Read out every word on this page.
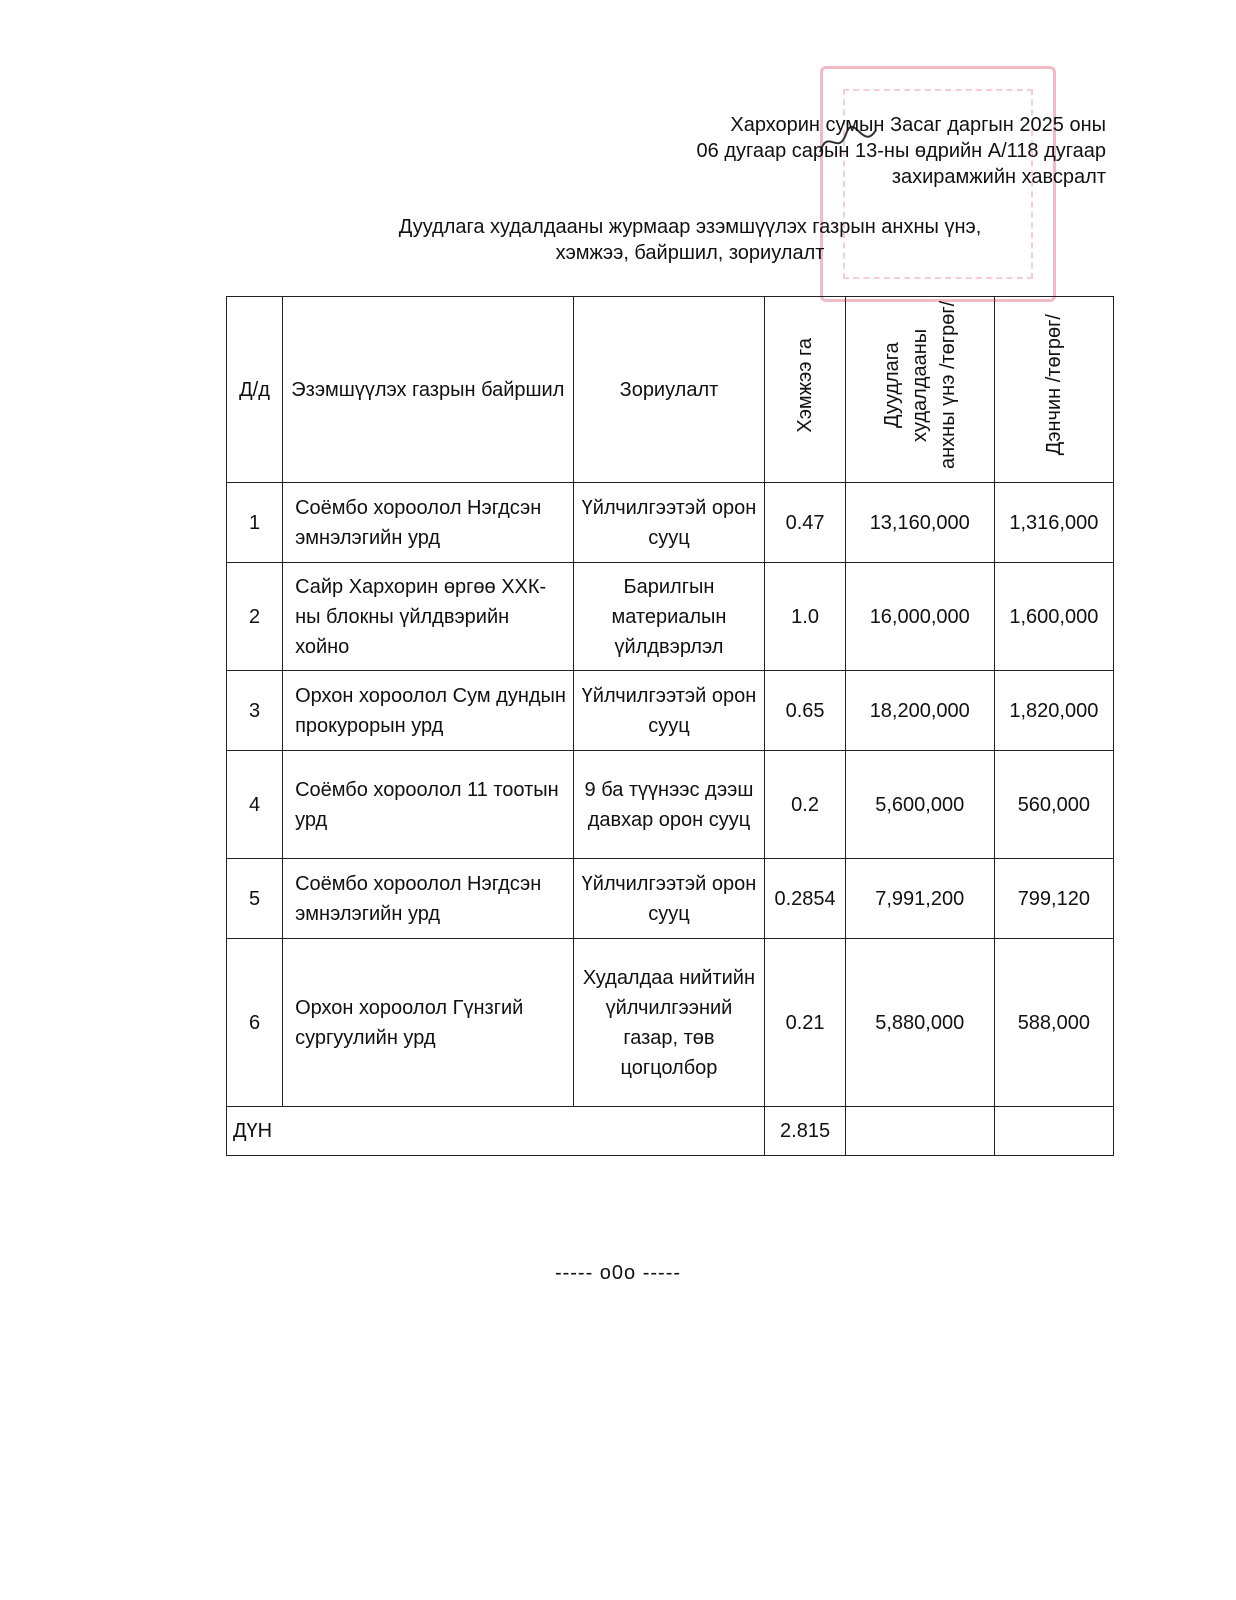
Хархорин сумын Засаг даргын 2025 оны
06 дугаар сарын 13-ны өдрийн А/118 дугаар
захирамжийн хавсралт
Дуудлага худалдааны журмаар эзэмшүүлэх газрын анхны үнэ,
хэмжээ, байршил, зориулалт
Д/д	Эзэмшүүлэх газрын байршил	Зориулалт	Хэмжээ га	Дуудлага худалдааны анхны үнэ /төгрөг/	Дэнчин /төгрөг/
1	Соёмбо хороолол Нэгдсэн эмнэлэгийн урд	Үйлчилгээтэй орон сууц	0.47	13,160,000	1,316,000
2	Сайр Хархорин өргөө ХХК-ны блокны үйлдвэрийн хойно	Барилгын материалын үйлдвэрлэл	1.0	16,000,000	1,600,000
3	Орхон хороолол Сум дундын прокурорын урд	Үйлчилгээтэй орон сууц	0.65	18,200,000	1,820,000
4	Соёмбо хороолол 11 тоотын урд	9 ба түүнээс дээш давхар орон сууц	0.2	5,600,000	560,000
5	Соёмбо хороолол Нэгдсэн эмнэлэгийн урд	Үйлчилгээтэй орон сууц	0.2854	7,991,200	799,120
6	Орхон хороолол Гүнзгий сургуулийн урд	Худалдаа нийтийн үйлчилгээний газар, төв цогцолбор	0.21	5,880,000	588,000
ДҮН			2.815		
----- o0o -----
